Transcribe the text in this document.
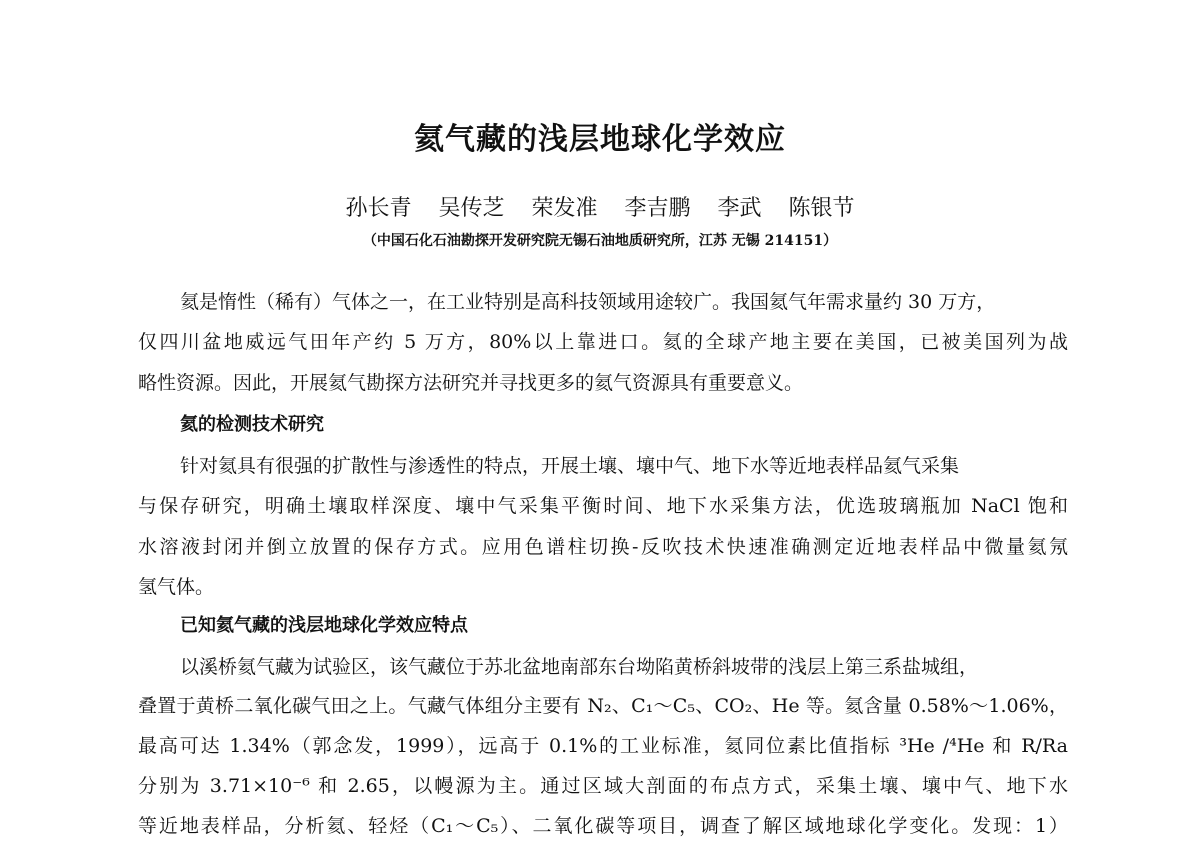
氦气藏的浅层地球化学效应
孙长青 吴传芝 荣发准 李吉鹏 李武 陈银节
（中国石化石油勘探开发研究院无锡石油地质研究所，江苏 无锡 214151）
氦是惰性（稀有）气体之一，在工业特别是高科技领域用途较广。我国氦气年需求量约 30 万方，
仅四川盆地威远气田年产约 5 万方，80%以上靠进口。氦的全球产地主要在美国，已被美国列为战
略性资源。因此，开展氦气勘探方法研究并寻找更多的氦气资源具有重要意义。
氦的检测技术研究
针对氦具有很强的扩散性与渗透性的特点，开展土壤、壤中气、地下水等近地表样品氦气采集
与保存研究，明确土壤取样深度、壤中气采集平衡时间、地下水采集方法，优选玻璃瓶加 NaCl 饱和
水溶液封闭并倒立放置的保存方式。应用色谱柱切换-反吹技术快速准确测定近地表样品中微量氦氖
氢气体。
已知氦气藏的浅层地球化学效应特点
以溪桥氦气藏为试验区，该气藏位于苏北盆地南部东台坳陷黄桥斜坡带的浅层上第三系盐城组，
叠置于黄桥二氧化碳气田之上。气藏气体组分主要有 N₂、C₁～C₅、CO₂、He 等。氦含量 0.58%～1.06%，
最高可达 1.34%（郭念发，1999），远高于 0.1%的工业标准，氦同位素比值指标 ³He /⁴He 和 R/Ra
分别为 3.71×10⁻⁶ 和 2.65，以幔源为主。通过区域大剖面的布点方式，采集土壤、壤中气、地下水
等近地表样品，分析氦、轻烃（C₁～C₅）、二氧化碳等项目，调查了解区域地球化学变化。发现：1）
